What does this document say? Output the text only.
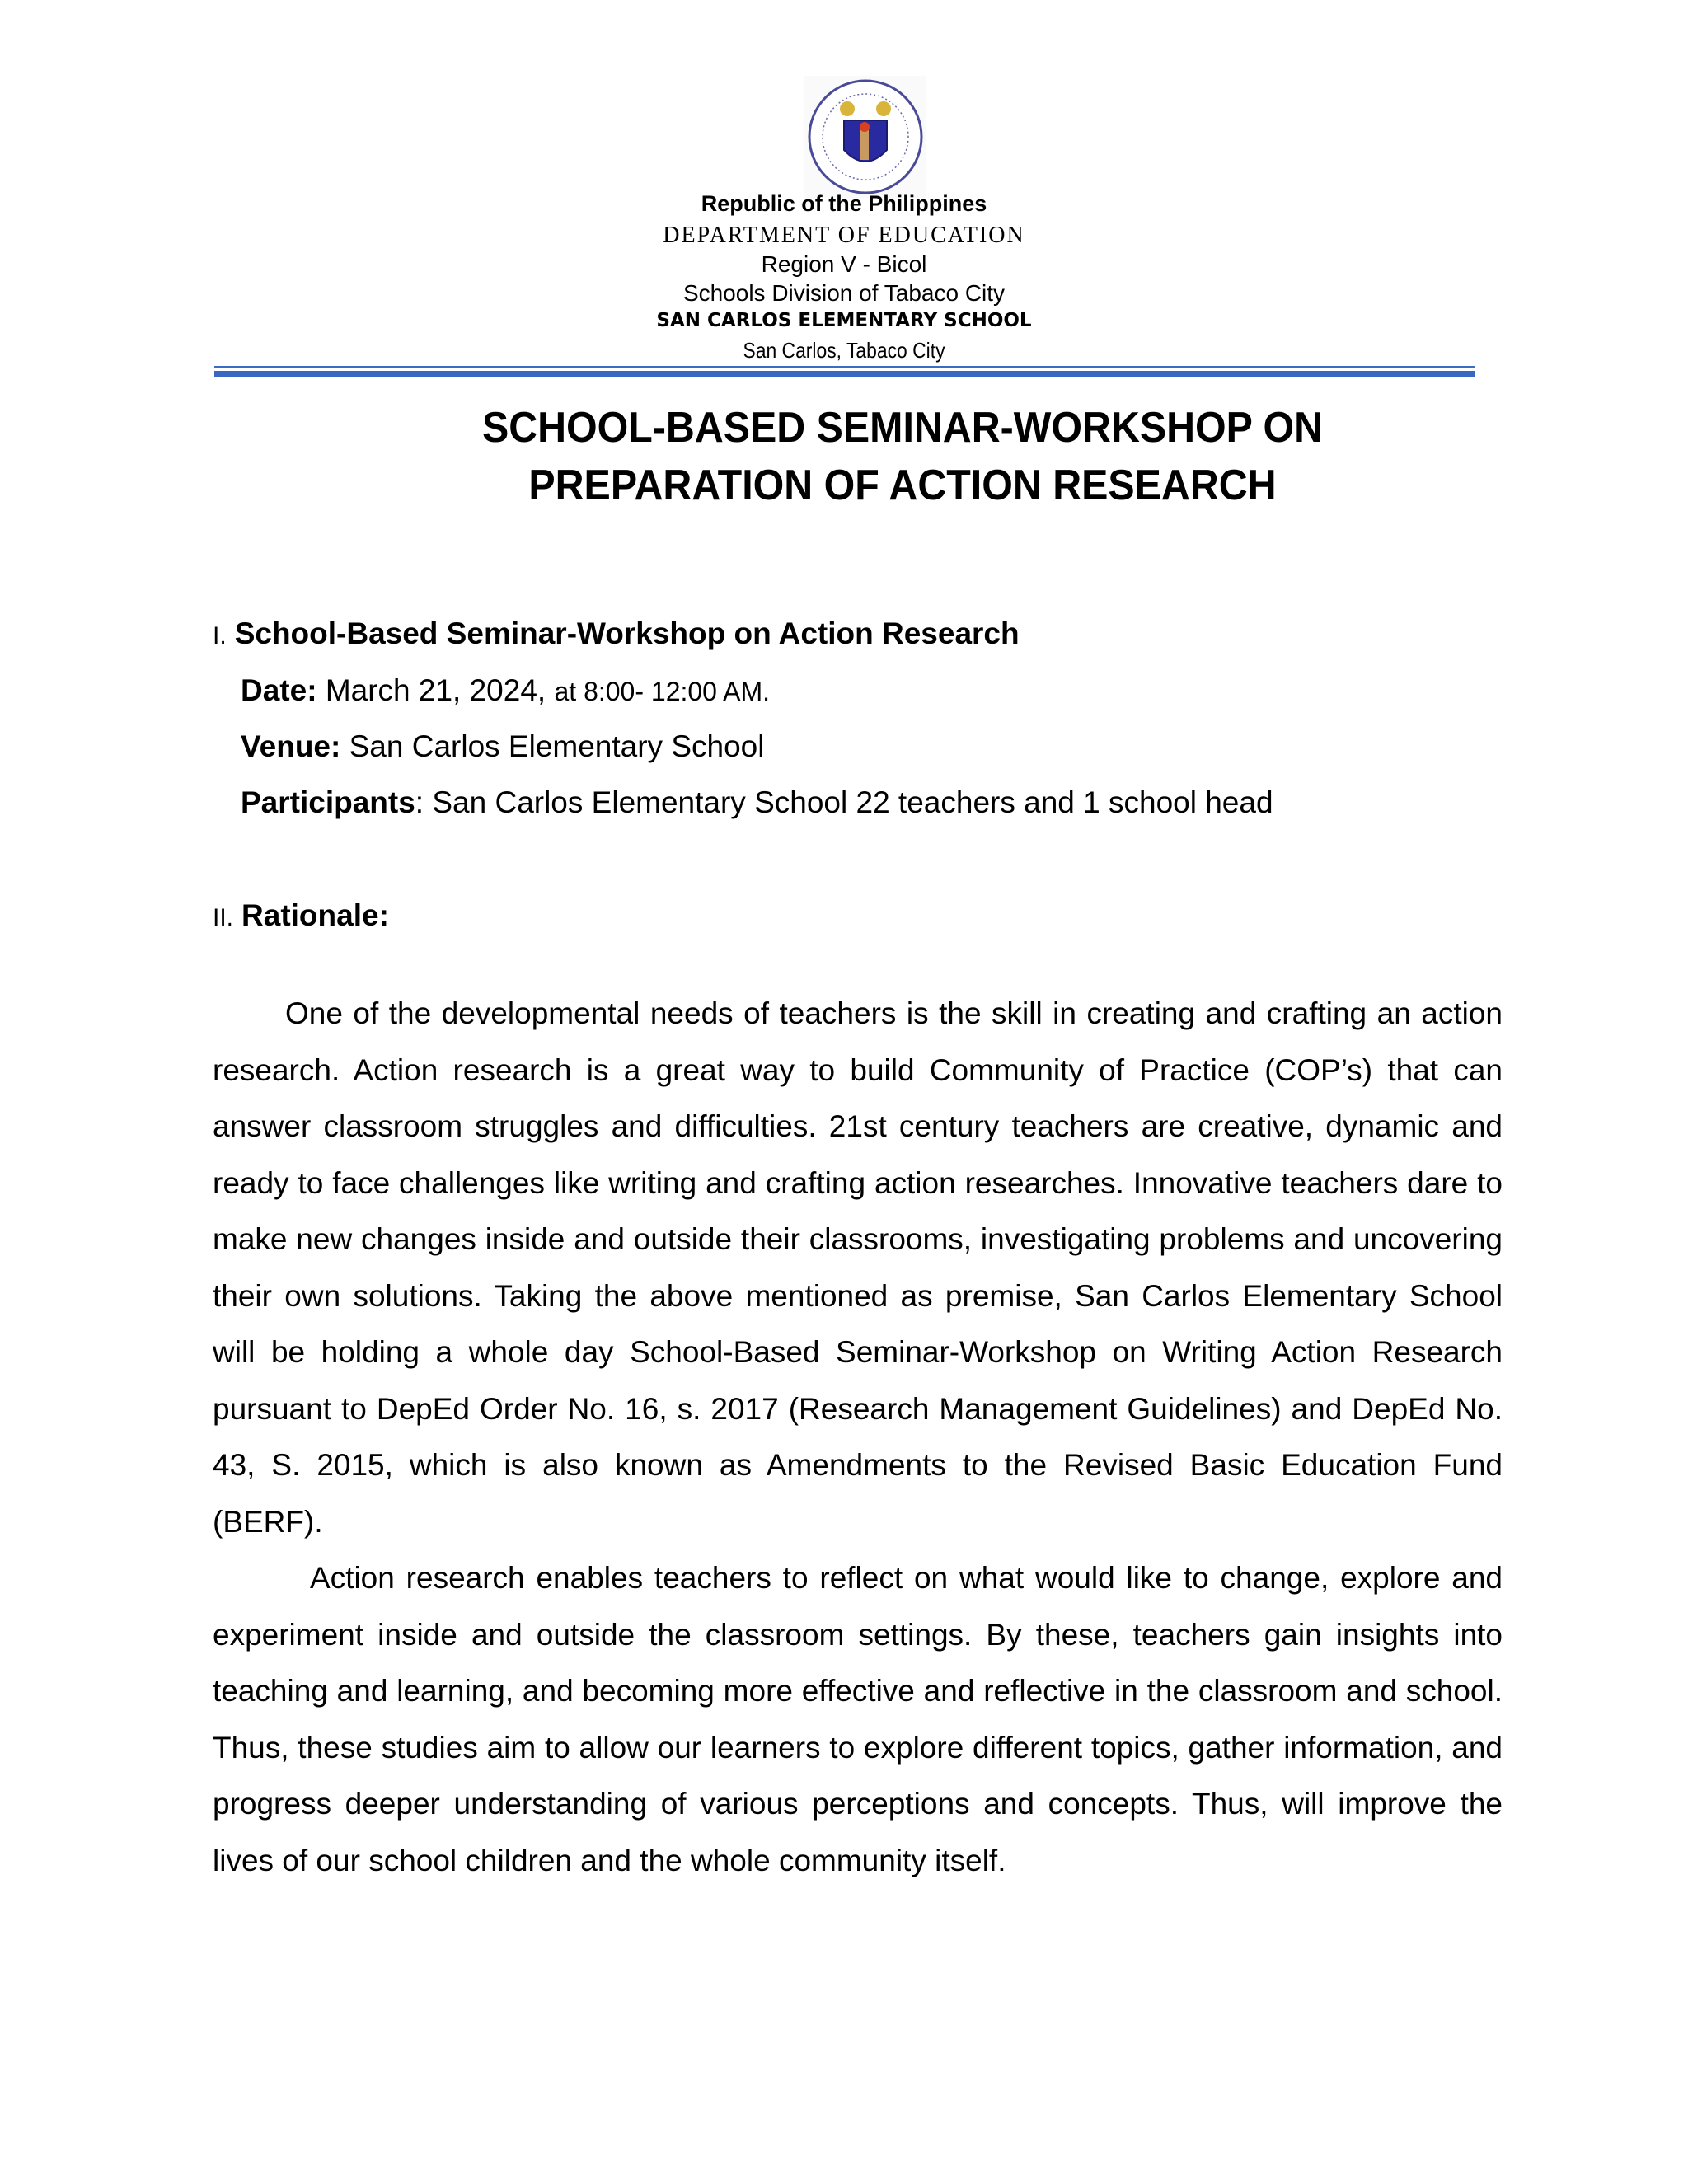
Republic of the Philippines
DEPARTMENT OF EDUCATION
Region V - Bicol
Schools Division of Tabaco City
SAN CARLOS ELEMENTARY SCHOOL
San Carlos, Tabaco City
SCHOOL-BASED SEMINAR-WORKSHOP ON
PREPARATION OF ACTION RESEARCH
I. School-Based Seminar-Workshop on Action Research
Date: March 21, 2024, at 8:00- 12:00 AM.
Venue: San Carlos Elementary School
Participants: San Carlos Elementary School 22 teachers and 1 school head
II. Rationale:

One of the developmental needs of teachers is the skill in creating and crafting an action research. Action research is a great way to build Community of Practice (COP’s) that can answer classroom struggles and difficulties. 21st century teachers are creative, dynamic and ready to face challenges like writing and crafting action researches. Innovative teachers dare to make new changes inside and outside their classrooms, investigating problems and uncovering their own solutions. Taking the above mentioned as premise, San Carlos Elementary School will be holding a whole day School-Based Seminar-Workshop on Writing Action Research pursuant to DepEd Order No. 16, s. 2017 (Research Management Guidelines) and DepEd No. 43, S. 2015, which is also known as Amendments to the Revised Basic Education Fund (BERF).

Action research enables teachers to reflect on what would like to change, explore and experiment inside and outside the classroom settings. By these, teachers gain insights into teaching and learning, and becoming more effective and reflective in the classroom and school. Thus, these studies aim to allow our learners to explore different topics, gather information, and progress deeper understanding of various perceptions and concepts. Thus, will improve the lives of our school children and the whole community itself.
